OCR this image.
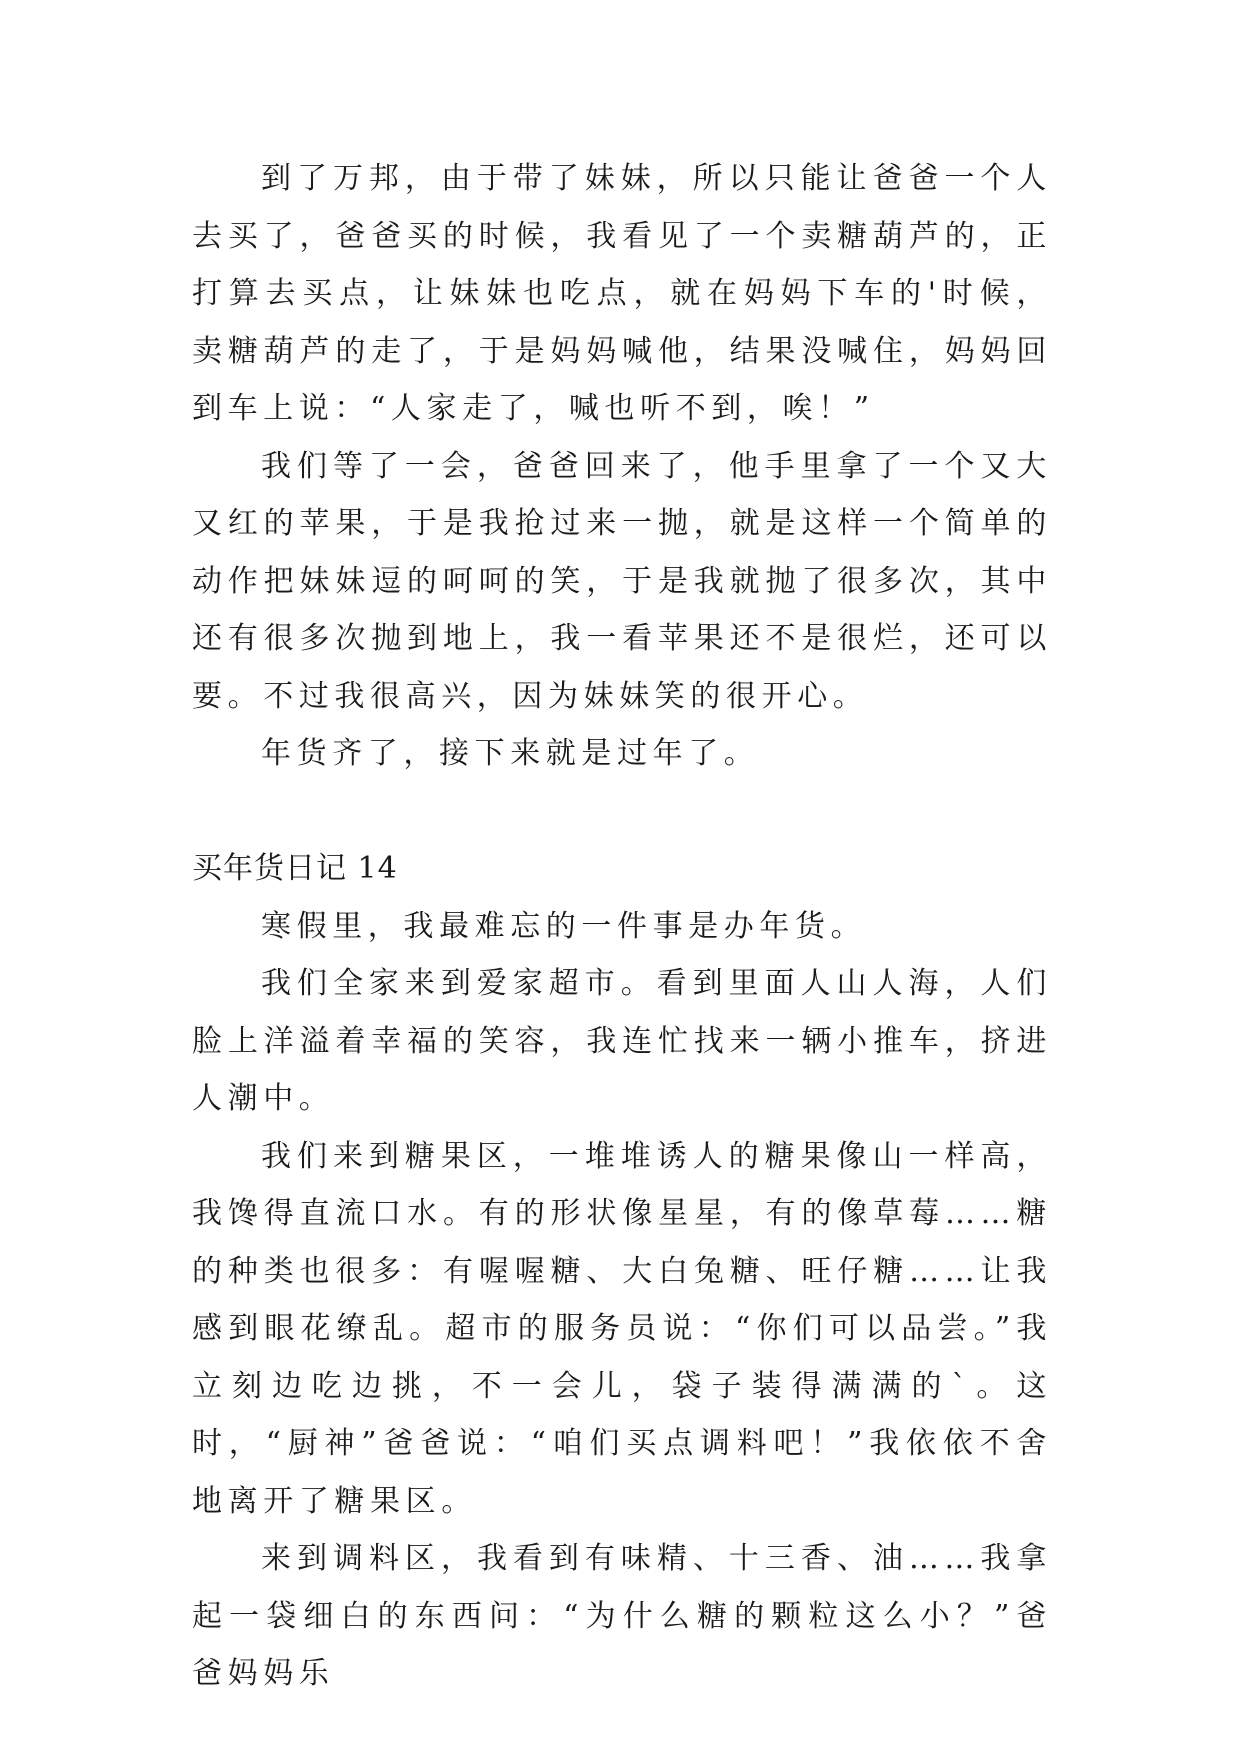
到了万邦，由于带了妹妹，所以只能让爸爸一个人去买了，爸爸买的时候，我看见了一个卖糖葫芦的，正打算去买点，让妹妹也吃点，就在妈妈下车的'时候，卖糖葫芦的走了，于是妈妈喊他，结果没喊住，妈妈回到车上说：“人家走了，喊也听不到，唉！”

我们等了一会，爸爸回来了，他手里拿了一个又大又红的苹果，于是我抢过来一抛，就是这样一个简单的动作把妹妹逗的呵呵的笑，于是我就抛了很多次，其中还有很多次抛到地上，我一看苹果还不是很烂，还可以要。不过我很高兴，因为妹妹笑的很开心。

年货齐了，接下来就是过年了。

买年货日记 14

寒假里，我最难忘的一件事是办年货。

我们全家来到爱家超市。看到里面人山人海，人们脸上洋溢着幸福的笑容，我连忙找来一辆小推车，挤进人潮中。

我们来到糖果区，一堆堆诱人的糖果像山一样高，我馋得直流口水。有的形状像星星，有的像草莓……糖的种类也很多：有喔喔糖、大白兔糖、旺仔糖……让我感到眼花缭乱。超市的服务员说：“你们可以品尝。”我立刻边吃边挑，不一会儿，袋子装得满满的`。这时，“厨神”爸爸说：“咱们买点调料吧！”我依依不舍地离开了糖果区。

来到调料区，我看到有味精、十三香、油……我拿起一袋细白的东西问：“为什么糖的颗粒这么小？”爸爸妈妈乐
